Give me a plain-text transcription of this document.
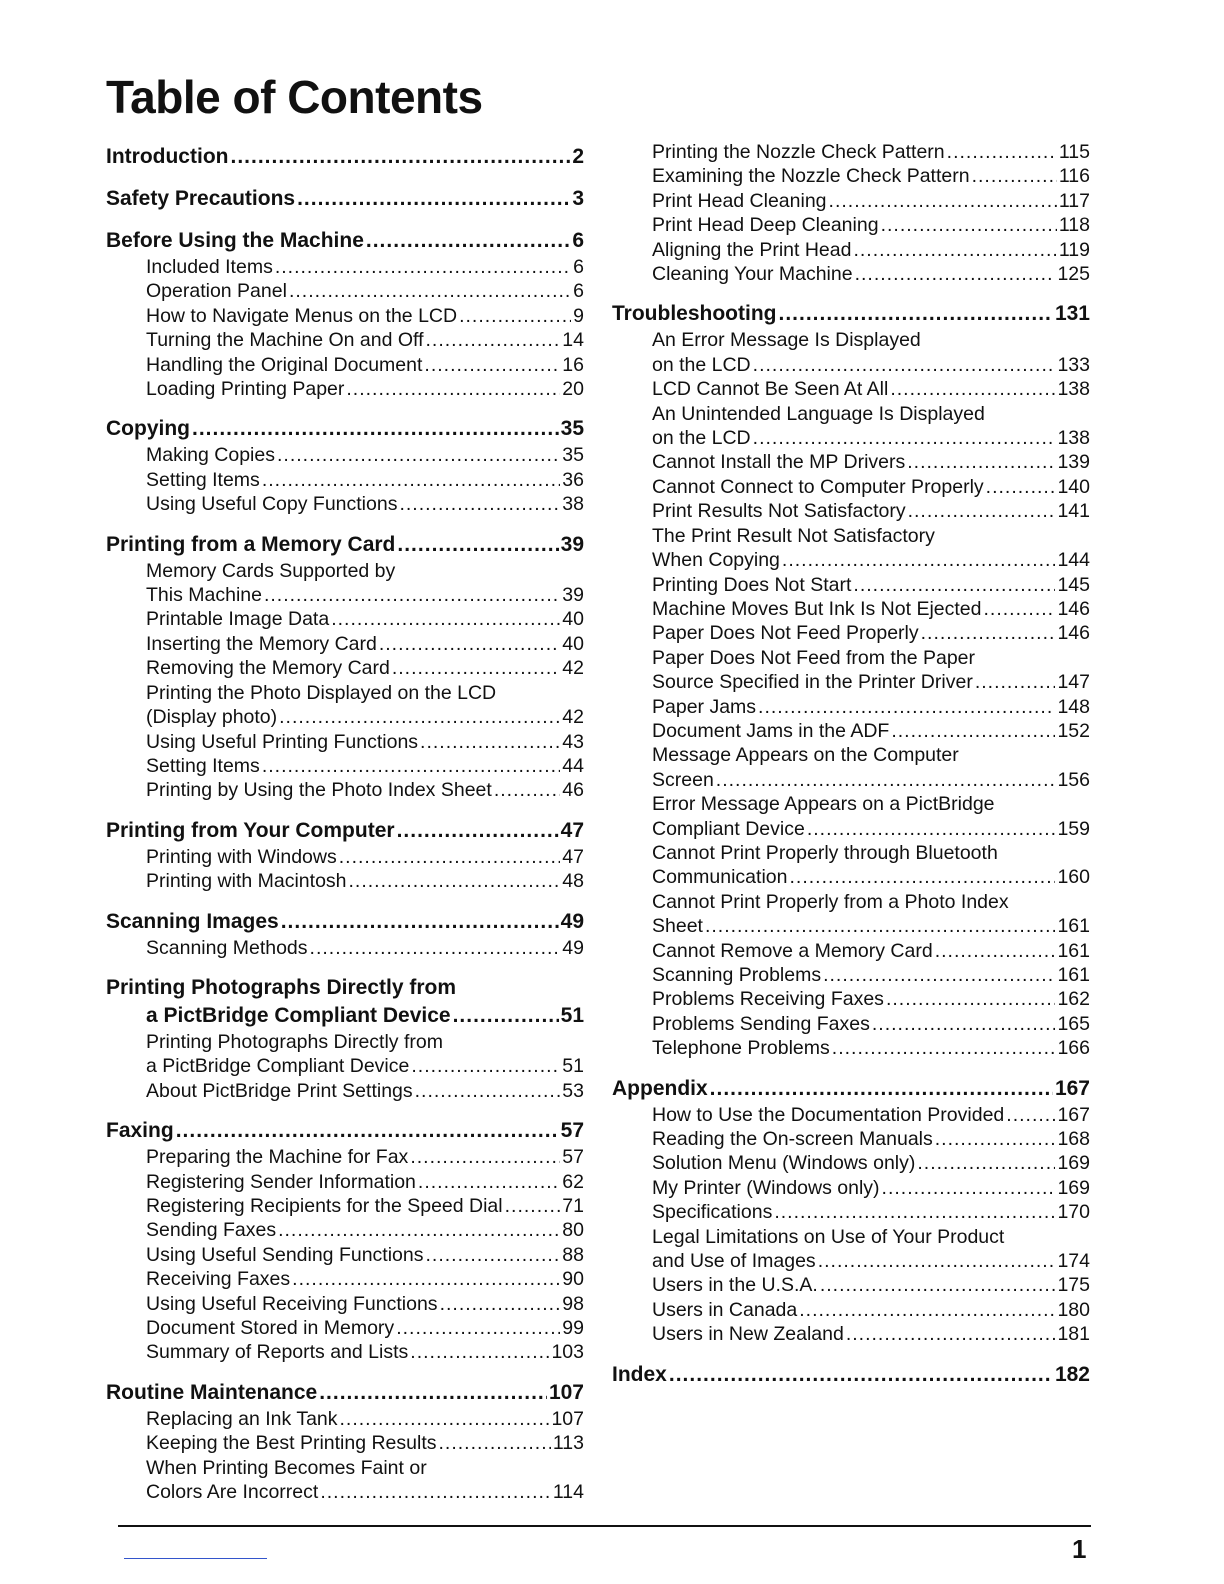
Table of Contents
Introduction .....	2
Safety Precautions .....	3
Before Using the Machine .....	6
Included Items .....	6
Operation Panel .....	6
How to Navigate Menus on the LCD .....	9
Turning the Machine On and Off .....	14
Handling the Original Document .....	16
Loading Printing Paper .....	20
Copying .....	35
Making Copies .....	35
Setting Items .....	36
Using Useful Copy Functions .....	38
Printing from a Memory Card .....	39
Memory Cards Supported by
This Machine .....	39
Printable Image Data .....	40
Inserting the Memory Card .....	40
Removing the Memory Card .....	42
Printing the Photo Displayed on the LCD
(Display photo) .....	42
Using Useful Printing Functions .....	43
Setting Items .....	44
Printing by Using the Photo Index Sheet .....	46
Printing from Your Computer .....	47
Printing with Windows .....	47
Printing with Macintosh .....	48
Scanning Images .....	49
Scanning Methods .....	49
Printing Photographs Directly from
a PictBridge Compliant Device .....	51
Printing Photographs Directly from
a PictBridge Compliant Device .....	51
About PictBridge Print Settings .....	53
Faxing .....	57
Preparing the Machine for Fax .....	57
Registering Sender Information .....	62
Registering Recipients for the Speed Dial .....	71
Sending Faxes .....	80
Using Useful Sending Functions .....	88
Receiving Faxes .....	90
Using Useful Receiving Functions .....	98
Document Stored in Memory .....	99
Summary of Reports and Lists .....	103
Routine Maintenance .....	107
Replacing an Ink Tank .....	107
Keeping the Best Printing Results .....	113
When Printing Becomes Faint or
Colors Are Incorrect .....	114
Printing the Nozzle Check Pattern .....	115
Examining the Nozzle Check Pattern .....	116
Print Head Cleaning .....	117
Print Head Deep Cleaning .....	118
Aligning the Print Head .....	119
Cleaning Your Machine .....	125
Troubleshooting .....	131
An Error Message Is Displayed
on the LCD .....	133
LCD Cannot Be Seen At All .....	138
An Unintended Language Is Displayed
on the LCD .....	138
Cannot Install the MP Drivers .....	139
Cannot Connect to Computer Properly .....	140
Print Results Not Satisfactory .....	141
The Print Result Not Satisfactory
When Copying .....	144
Printing Does Not Start .....	145
Machine Moves But Ink Is Not Ejected .....	146
Paper Does Not Feed Properly .....	146
Paper Does Not Feed from the Paper
Source Specified in the Printer Driver .....	147
Paper Jams .....	148
Document Jams in the ADF .....	152
Message Appears on the Computer
Screen .....	156
Error Message Appears on a PictBridge
Compliant Device .....	159
Cannot Print Properly through Bluetooth
Communication .....	160
Cannot Print Properly from a Photo Index
Sheet .....	161
Cannot Remove a Memory Card .....	161
Scanning Problems .....	161
Problems Receiving Faxes .....	162
Problems Sending Faxes .....	165
Telephone Problems .....	166
Appendix .....	167
How to Use the Documentation Provided .....	167
Reading the On-screen Manuals .....	168
Solution Menu (Windows only) .....	169
My Printer (Windows only) .....	169
Specifications .....	170
Legal Limitations on Use of Your Product
and Use of Images .....	174
Users in the U.S.A. .....	175
Users in Canada .....	180
Users in New Zealand .....	181
Index .....	182
1
